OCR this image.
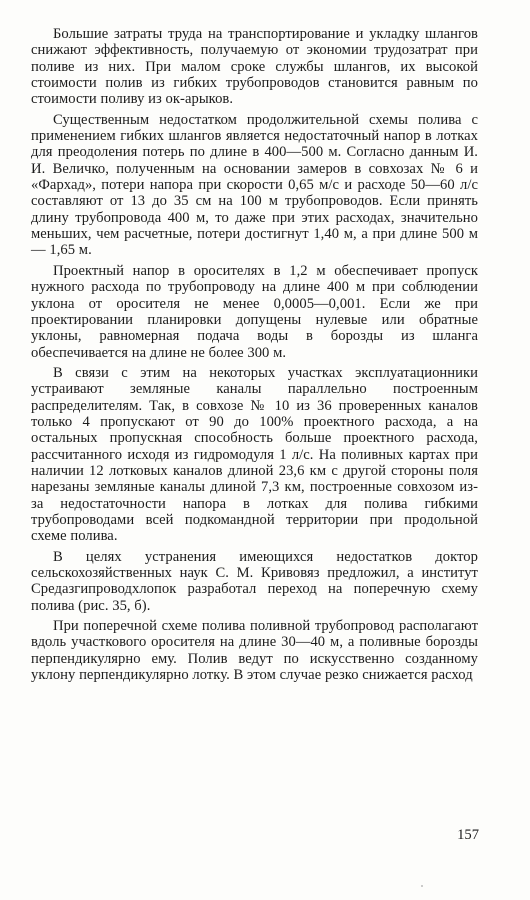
Большие затраты труда на транспортирование и укладку шлангов снижают эффективность, получаемую от экономии трудозатрат при поливе из них. При малом сроке службы шлангов, их высокой стоимости полив из гибких трубопроводов становится равным по стоимости поливу из ок-арыков.

Существенным недостатком продолжительной схемы полива с применением гибких шлангов является недостаточный напор в лотках для преодоления потерь по длине в 400—500 м. Согласно данным И. И. Величко, полученным на основании замеров в совхозах № 6 и «Фархад», потери напора при скорости 0,65 м/с и расходе 50—60 л/с составляют от 13 до 35 см на 100 м трубопроводов. Если принять длину трубопровода 400 м, то даже при этих расходах, значительно меньших, чем расчетные, потери достигнут 1,40 м, а при длине 500 м — 1,65 м.

Проектный напор в оросителях в 1,2 м обеспечивает пропуск нужного расхода по трубопроводу на длине 400 м при соблюдении уклона от оросителя не менее 0,0005—0,001. Если же при проектировании планировки допущены нулевые или обратные уклоны, равномерная подача воды в борозды из шланга обеспечивается на длине не более 300 м.

В связи с этим на некоторых участках эксплуатационники устраивают земляные каналы параллельно построенным распределителям. Так, в совхозе № 10 из 36 проверенных каналов только 4 пропускают от 90 до 100% проектного расхода, а на остальных пропускная способность больше проектного расхода, рассчитанного исходя из гидромодуля 1 л/с. На поливных картах при наличии 12 лотковых каналов длиной 23,6 км с другой стороны поля нарезаны земляные каналы длиной 7,3 км, построенные совхозом из-за недостаточности напора в лотках для полива гибкими трубопроводами всей подкомандной территории при продольной схеме полива.

В целях устранения имеющихся недостатков доктор сельскохозяйственных наук С. М. Кривовяз предложил, а институт Средазгипроводхлопок разработал переход на поперечную схему полива (рис. 35, б).

При поперечной схеме полива поливной трубопровод располагают вдоль участкового оросителя на длине 30—40 м, а поливные борозды перпендикулярно ему. Полив ведут по искусственно созданному уклону перпендикулярно лотку. В этом случае резко снижается расход

157
